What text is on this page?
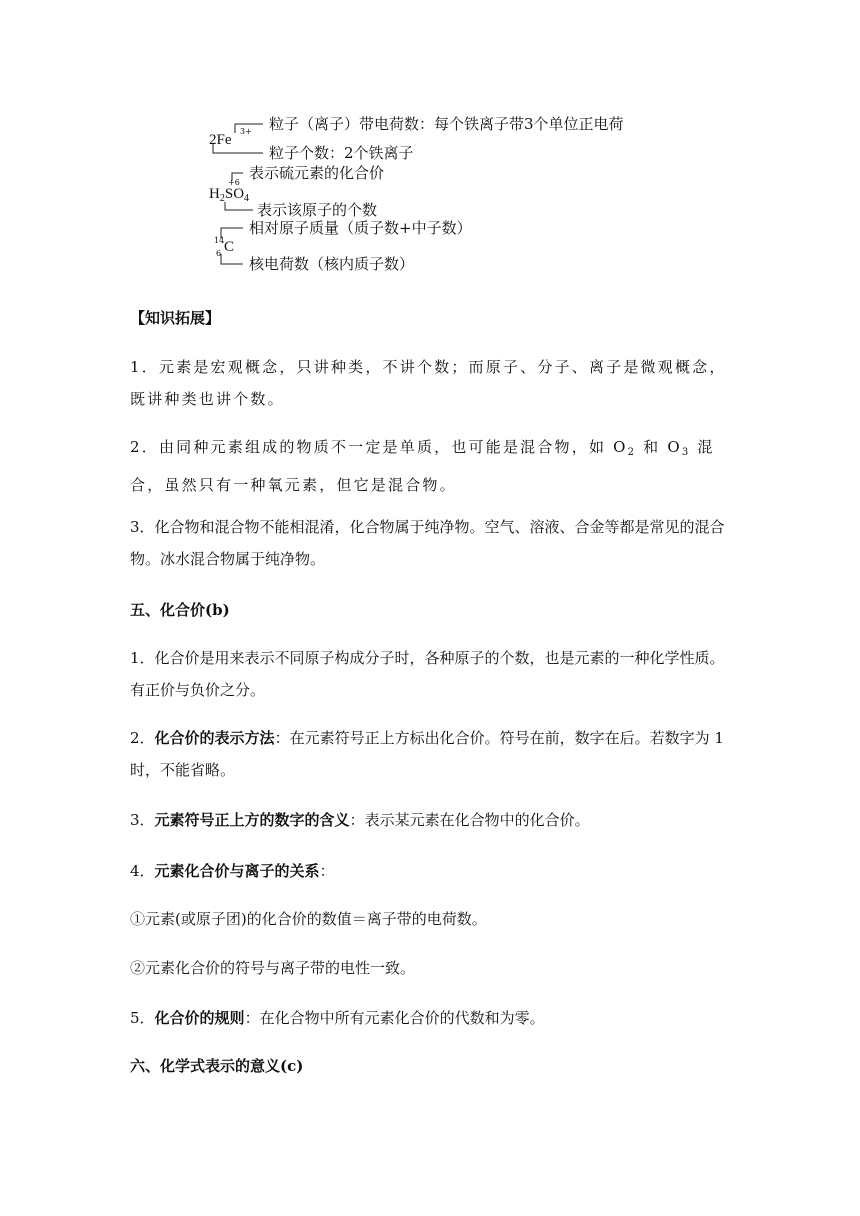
2Fe
3+ 粒子（离子）带电荷数：每个铁离子带3个单位正电荷
粒子个数：2个铁离子
+6
$H_2SO_4$
表示硫元素的化合价
表示该原子的个数
14
6 C
相对原子质量（质子数+中子数）
核电荷数（核内质子数）

【知识拓展】

1．元素是宏观概念，只讲种类，不讲个数；而原子、分子、离子是微观概念，既讲种类也讲个数。

2．由同种元素组成的物质不一定是单质，也可能是混合物，如 $O_2$ 和 $O_3$ 混合，虽然只有一种氧元素，但它是混合物。

3．化合物和混合物不能相混淆，化合物属于纯净物。空气、溶液、合金等都是常见的混合物。冰水混合物属于纯净物。

五、化合价(b)

1．化合价是用来表示不同原子构成分子时，各种原子的个数，也是元素的一种化学性质。有正价与负价之分。

2．化合价的表示方法：在元素符号正上方标出化合价。符号在前，数字在后。若数字为 1 时，不能省略。

3．元素符号正上方的数字的含义：表示某元素在化合物中的化合价。

4．元素化合价与离子的关系：

①元素(或原子团)的化合价的数值＝离子带的电荷数。

②元素化合价的符号与离子带的电性一致。

5．化合价的规则：在化合物中所有元素化合价的代数和为零。

六、化学式表示的意义(c)
